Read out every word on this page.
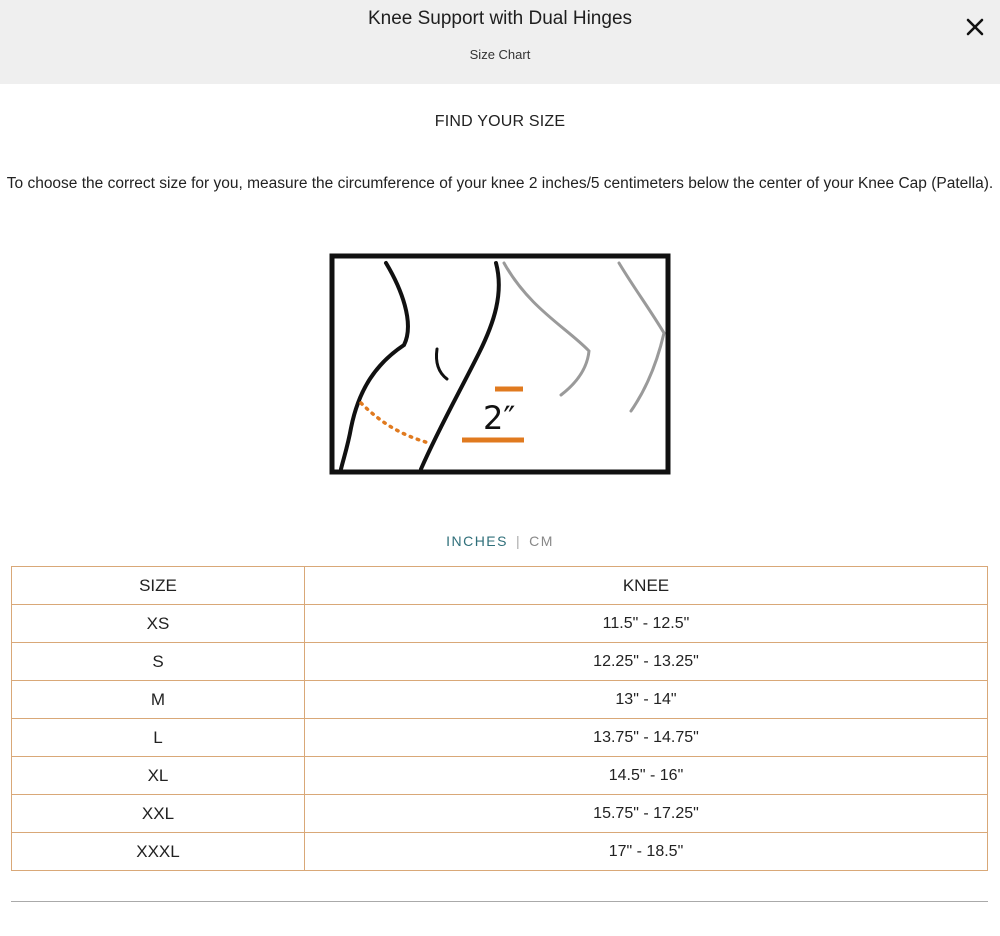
Knee Support with Dual Hinges
Size Chart
FIND YOUR SIZE
To choose the correct size for you, measure the circumference of your knee 2 inches/5 centimeters below the center of your Knee Cap (Patella).
2″
INCHES | CM
SIZE	KNEE
XS	11.5" - 12.5"
S	12.25" - 13.25"
M	13" - 14"
L	13.75" - 14.75"
XL	14.5" - 16"
XXL	15.75" - 17.25"
XXXL	17" - 18.5"
